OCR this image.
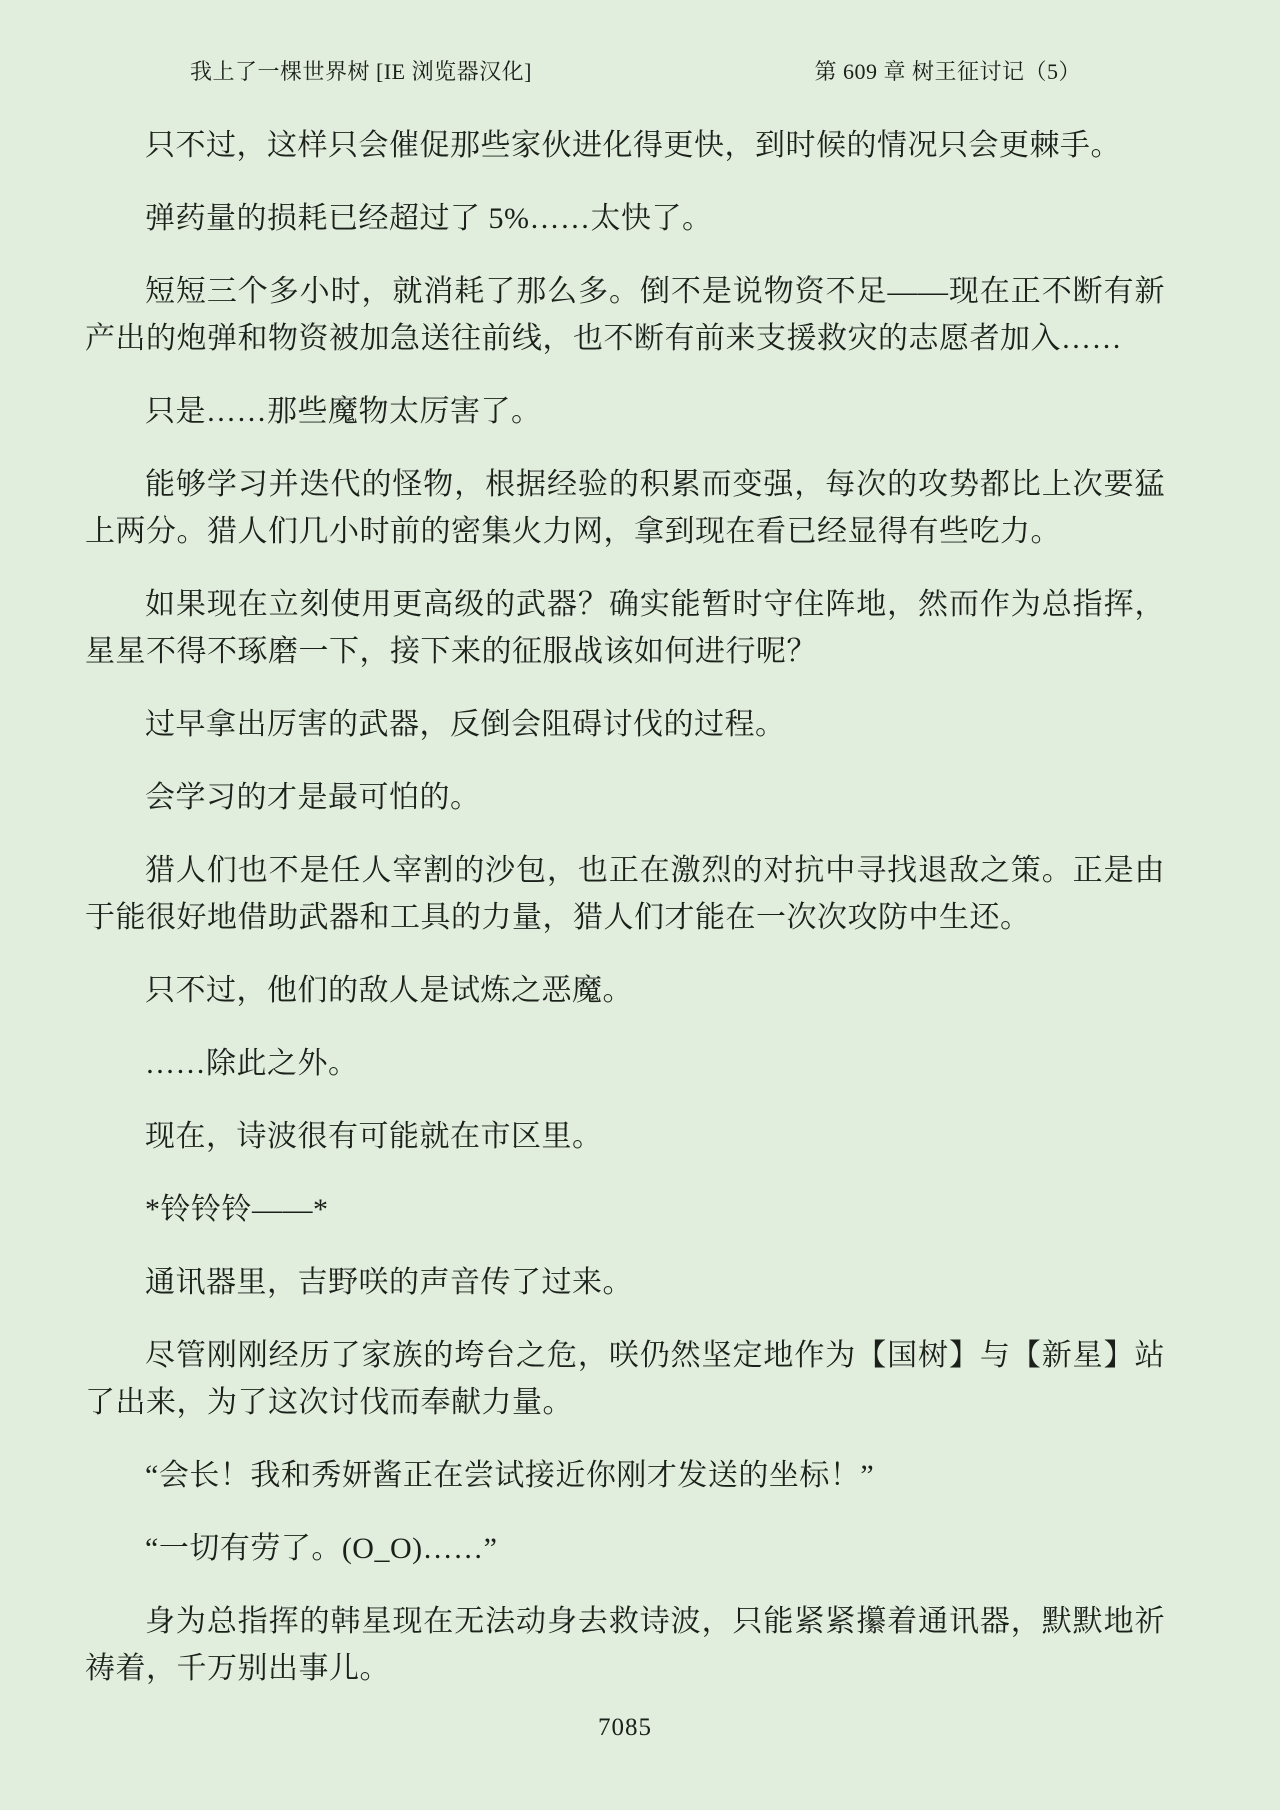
我上了一棵世界树 [IE 浏览器汉化]	第 609 章 树王征讨记（5）

只不过，这样只会催促那些家伙进化得更快，到时候的情况只会更棘手。

弹药量的损耗已经超过了 5%……太快了。

短短三个多小时，就消耗了那么多。倒不是说物资不足——现在正不断有新产出的炮弹和物资被加急送往前线，也不断有前来支援救灾的志愿者加入……

只是……那些魔物太厉害了。

能够学习并迭代的怪物，根据经验的积累而变强，每次的攻势都比上次要猛上两分。猎人们几小时前的密集火力网，拿到现在看已经显得有些吃力。

如果现在立刻使用更高级的武器？确实能暂时守住阵地，然而作为总指挥，星星不得不琢磨一下，接下来的征服战该如何进行呢？

过早拿出厉害的武器，反倒会阻碍讨伐的过程。

会学习的才是最可怕的。

猎人们也不是任人宰割的沙包，也正在激烈的对抗中寻找退敌之策。正是由于能很好地借助武器和工具的力量，猎人们才能在一次次攻防中生还。

只不过，他们的敌人是试炼之恶魔。

……除此之外。

现在，诗波很有可能就在市区里。

*铃铃铃——*

通讯器里，吉野咲的声音传了过来。

尽管刚刚经历了家族的垮台之危，咲仍然坚定地作为【国树】与【新星】站了出来，为了这次讨伐而奉献力量。

“会长！我和秀妍酱正在尝试接近你刚才发送的坐标！”

“一切有劳了。(O_O)……”

身为总指挥的韩星现在无法动身去救诗波，只能紧紧攥着通讯器，默默地祈祷着，千万别出事儿。

7085
